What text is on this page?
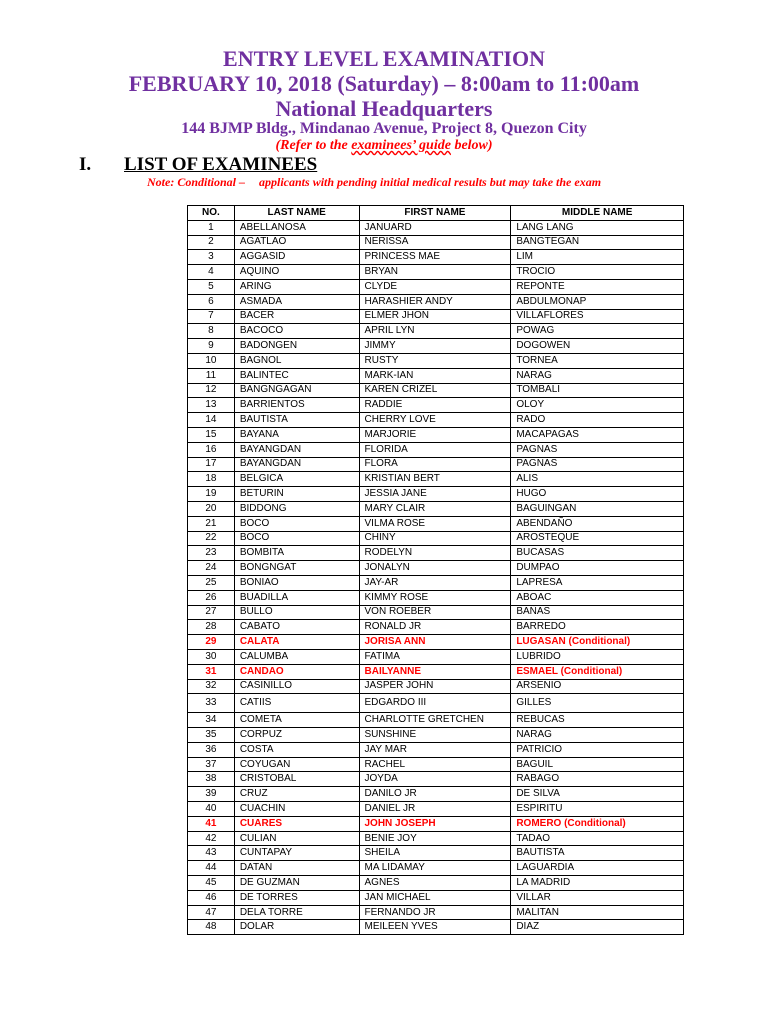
ENTRY LEVEL EXAMINATION
FEBRUARY 10, 2018 (Saturday) – 8:00am to 11:00am
National Headquarters
144 BJMP Bldg., Mindanao Avenue, Project 8, Quezon City
(Refer to the examinees’ guide below)
I. LIST OF EXAMINEES
Note: Conditional – applicants with pending initial medical results but may take the exam
NO.	LAST NAME	FIRST NAME	MIDDLE NAME
1	ABELLANOSA	JANUARD	LANG LANG
2	AGATLAO	NERISSA	BANGTEGAN
3	AGGASID	PRINCESS MAE	LIM
4	AQUINO	BRYAN	TROCIO
5	ARING	CLYDE	REPONTE
6	ASMADA	HARASHIER ANDY	ABDULMONAP
7	BACER	ELMER JHON	VILLAFLORES
8	BACOCO	APRIL LYN	POWAG
9	BADONGEN	JIMMY	DOGOWEN
10	BAGNOL	RUSTY	TORNEA
11	BALINTEC	MARK-IAN	NARAG
12	BANGNGAGAN	KAREN CRIZEL	TOMBALI
13	BARRIENTOS	RADDIE	OLOY
14	BAUTISTA	CHERRY LOVE	RADO
15	BAYANA	MARJORIE	MACAPAGAS
16	BAYANGDAN	FLORIDA	PAGNAS
17	BAYANGDAN	FLORA	PAGNAS
18	BELGICA	KRISTIAN BERT	ALIS
19	BETURIN	JESSIA JANE	HUGO
20	BIDDONG	MARY CLAIR	BAGUINGAN
21	BOCO	VILMA ROSE	ABENDAÑO
22	BOCO	CHINY	AROSTEQUE
23	BOMBITA	RODELYN	BUCASAS
24	BONGNGAT	JONALYN	DUMPAO
25	BONIAO	JAY-AR	LAPRESA
26	BUADILLA	KIMMY ROSE	ABOAC
27	BULLO	VON ROEBER	BAÑAS
28	CABATO	RONALD JR	BARREDO
29	CALATA	JORISA ANN	LUGASAN (Conditional)
30	CALUMBA	FATIMA	LUBRIDO
31	CANDAO	BAILYANNE	ESMAEL (Conditional)
32	CASINILLO	JASPER JOHN	ARSENIO
33	CATIIS	EDGARDO III	GILLES
34	COMETA	CHARLOTTE GRETCHEN	REBUCAS
35	CORPUZ	SUNSHINE	NARAG
36	COSTA	JAY MAR	PATRICIO
37	COYUGAN	RACHEL	BAGUIL
38	CRISTOBAL	JOYDA	RABAGO
39	CRUZ	DANILO JR	DE SILVA
40	CUACHIN	DANIEL JR	ESPIRITU
41	CUARES	JOHN JOSEPH	ROMERO (Conditional)
42	CULIAN	BENIE JOY	TADAO
43	CUNTAPAY	SHEILA	BAUTISTA
44	DATAN	MA LIDAMAY	LAGUARDIA
45	DE GUZMAN	AGNES	LA MADRID
46	DE TORRES	JAN MICHAEL	VILLAR
47	DELA TORRE	FERNANDO JR	MALITAN
48	DOLAR	MEILEEN YVES	DIAZ
